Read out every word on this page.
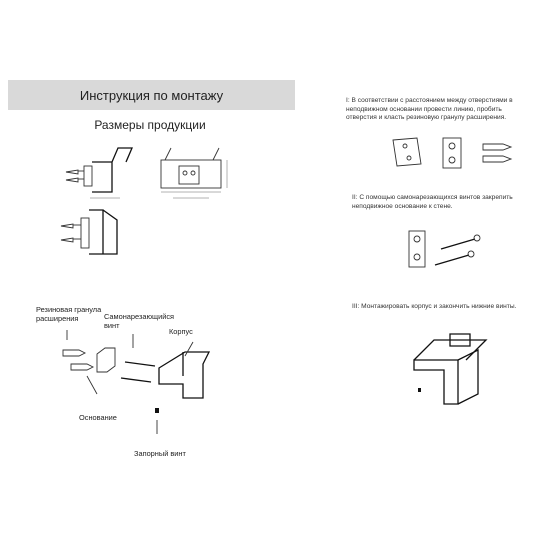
Инструкция по монтажу
Размеры продукции
Резиновая гранула расширения	Самонарезающийся винт
Корпус
Основание
Запорный винт
I: В соответствии с расстоянием между отверстиями в неподвижном основании провести линию, пробить отверстия и класть резиновую гранулу расширения.
II: С помощью самонарезающихся винтов закрепить неподвижное основание к стене.
III: Монтажировать корпус и закончить нижние винты.
